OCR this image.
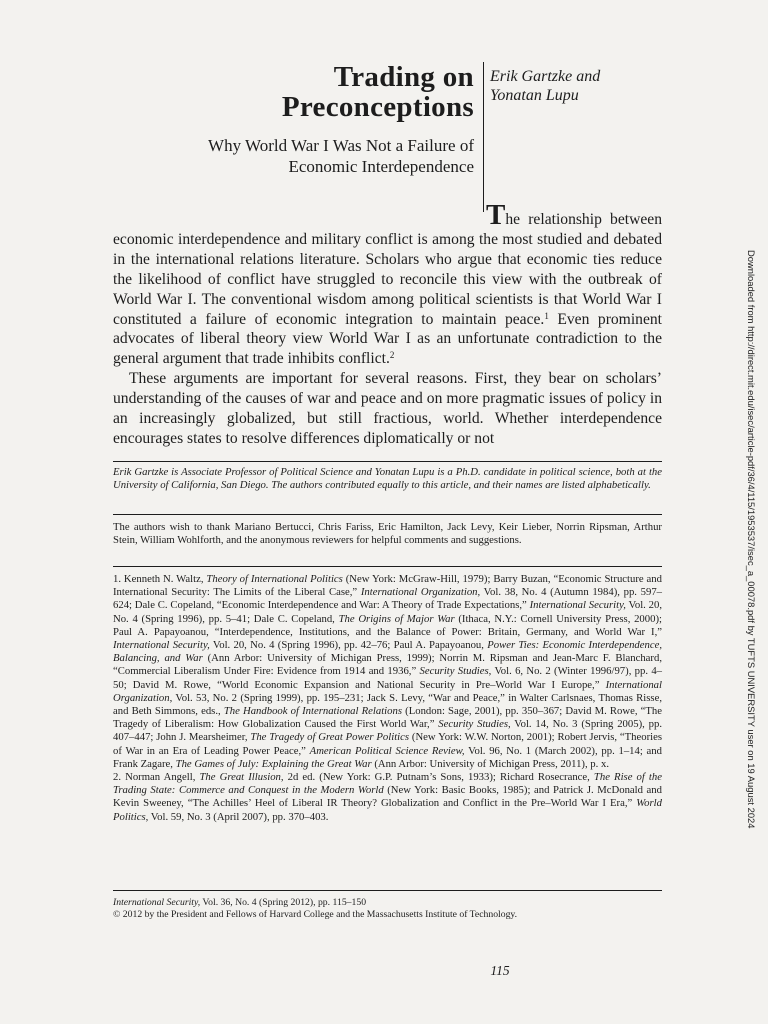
Trading on
Preconceptions
Why World War I Was Not a Failure of
Economic Interdependence
Erik Gartzke and
Yonatan Lupu

The relationship between economic interdependence and military conflict is among the most studied and debated in the international relations literature. Scholars who argue that economic ties reduce the likelihood of conflict have struggled to reconcile this view with the outbreak of World War I. The conventional wisdom among political scientists is that World War I constituted a failure of economic integration to maintain peace.$^1$ Even prominent advocates of liberal theory view World War I as an unfortunate contradiction to the general argument that trade inhibits conflict.$^2$

These arguments are important for several reasons. First, they bear on scholars’ understanding of the causes of war and peace and on more pragmatic issues of policy in an increasingly globalized, but still fractious, world. Whether interdependence encourages states to resolve differences diplomatically or not

Erik Gartzke is Associate Professor of Political Science and Yonatan Lupu is a Ph.D. candidate in political science, both at the University of California, San Diego. The authors contributed equally to this article, and their names are listed alphabetically.
The authors wish to thank Mariano Bertucci, Chris Fariss, Eric Hamilton, Jack Levy, Keir Lieber, Norrin Ripsman, Arthur Stein, William Wohlforth, and the anonymous reviewers for helpful comments and suggestions.

1. Kenneth N. Waltz, Theory of International Politics (New York: McGraw-Hill, 1979); Barry Buzan, “Economic Structure and International Security: The Limits of the Liberal Case,” International Organization, Vol. 38, No. 4 (Autumn 1984), pp. 597–624; Dale C. Copeland, “Economic Interdependence and War: A Theory of Trade Expectations,” International Security, Vol. 20, No. 4 (Spring 1996), pp. 5–41; Dale C. Copeland, The Origins of Major War (Ithaca, N.Y.: Cornell University Press, 2000); Paul A. Papayoanou, “Interdependence, Institutions, and the Balance of Power: Britain, Germany, and World War I,” International Security, Vol. 20, No. 4 (Spring 1996), pp. 42–76; Paul A. Papayoanou, Power Ties: Economic Interdependence, Balancing, and War (Ann Arbor: University of Michigan Press, 1999); Norrin M. Ripsman and Jean-Marc F. Blanchard, “Commercial Liberalism Under Fire: Evidence from 1914 and 1936,” Security Studies, Vol. 6, No. 2 (Winter 1996/97), pp. 4–50; David M. Rowe, “World Economic Expansion and National Security in Pre–World War I Europe,” International Organization, Vol. 53, No. 2 (Spring 1999), pp. 195–231; Jack S. Levy, “War and Peace,” in Walter Carlsnaes, Thomas Risse, and Beth Simmons, eds., The Handbook of International Relations (London: Sage, 2001), pp. 350–367; David M. Rowe, “The Tragedy of Liberalism: How Globalization Caused the First World War,” Security Studies, Vol. 14, No. 3 (Spring 2005), pp. 407–447; John J. Mearsheimer, The Tragedy of Great Power Politics (New York: W.W. Norton, 2001); Robert Jervis, “Theories of War in an Era of Leading Power Peace,” American Political Science Review, Vol. 96, No. 1 (March 2002), pp. 1–14; and Frank Zagare, The Games of July: Explaining the Great War (Ann Arbor: University of Michigan Press, 2011), p. x.

2. Norman Angell, The Great Illusion, 2d ed. (New York: G.P. Putnam’s Sons, 1933); Richard Rosecrance, The Rise of the Trading State: Commerce and Conquest in the Modern World (New York: Basic Books, 1985); and Patrick J. McDonald and Kevin Sweeney, “The Achilles’ Heel of Liberal IR Theory? Globalization and Conflict in the Pre–World War I Era,” World Politics, Vol. 59, No. 3 (April 2007), pp. 370–403.

International Security, Vol. 36, No. 4 (Spring 2012), pp. 115–150
© 2012 by the President and Fellows of Harvard College and the Massachusetts Institute of Technology.
115
Downloaded from http://direct.mit.edu/isec/article-pdf/36/4/115/1953537/isec_a_00078.pdf by TUFTS UNIVERSITY user on 19 August 2024
